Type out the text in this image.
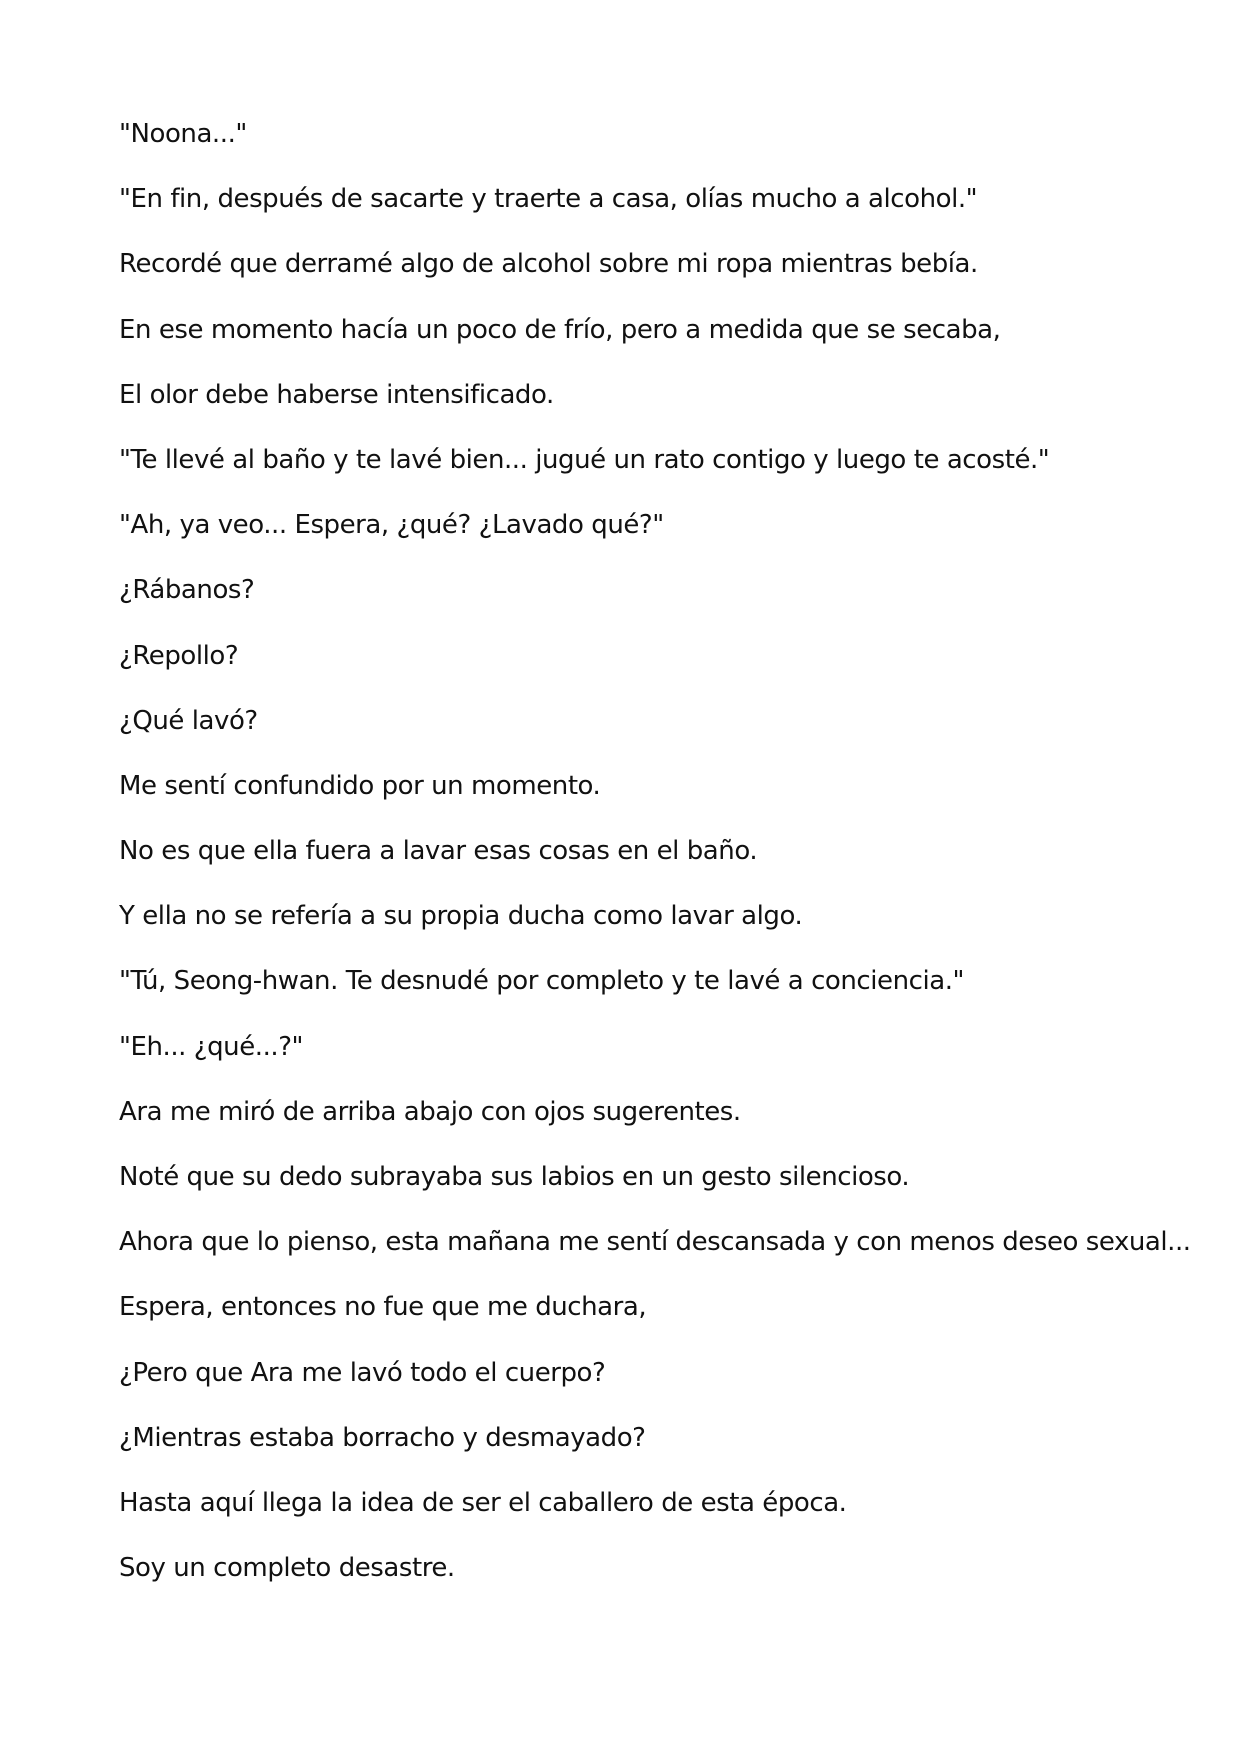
"Noona..."

"En fin, después de sacarte y traerte a casa, olías mucho a alcohol."

Recordé que derramé algo de alcohol sobre mi ropa mientras bebía.

En ese momento hacía un poco de frío, pero a medida que se secaba,

El olor debe haberse intensificado.

"Te llevé al baño y te lavé bien... jugué un rato contigo y luego te acosté."

"Ah, ya veo... Espera, ¿qué? ¿Lavado qué?"

¿Rábanos?

¿Repollo?

¿Qué lavó?

Me sentí confundido por un momento.

No es que ella fuera a lavar esas cosas en el baño.

Y ella no se refería a su propia ducha como lavar algo.

"Tú, Seong-hwan. Te desnudé por completo y te lavé a conciencia."

"Eh... ¿qué...?"

Ara me miró de arriba abajo con ojos sugerentes.

Noté que su dedo subrayaba sus labios en un gesto silencioso.

Ahora que lo pienso, esta mañana me sentí descansada y con menos deseo sexual...

Espera, entonces no fue que me duchara,

¿Pero que Ara me lavó todo el cuerpo?

¿Mientras estaba borracho y desmayado?

Hasta aquí llega la idea de ser el caballero de esta época.

Soy un completo desastre.
